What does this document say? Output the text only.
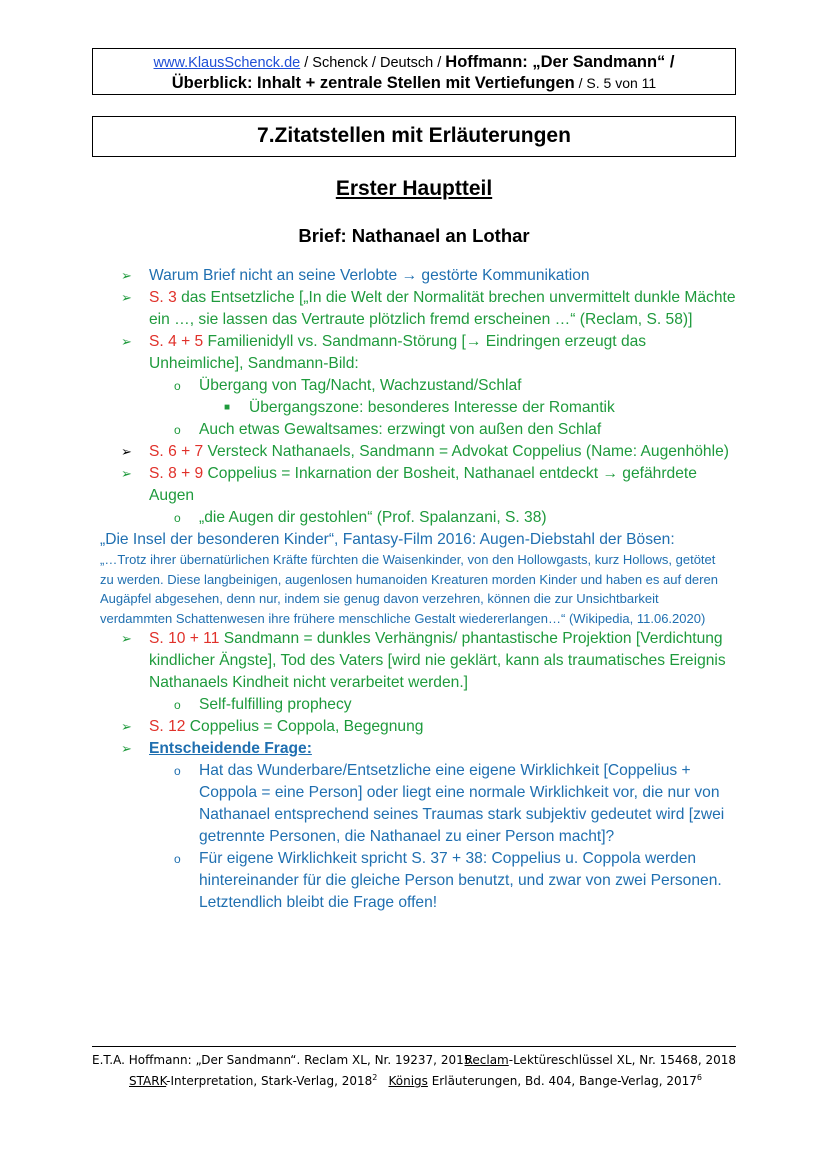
www.KlausSchenck.de / Schenck / Deutsch / Hoffmann: „Der Sandmann“ /
Überblick: Inhalt + zentrale Stellen mit Vertiefungen / S. 5 von 11
7.Zitatstellen mit Erläuterungen
Erster Hauptteil
Brief: Nathanael an Lothar
➢ Warum Brief nicht an seine Verlobte → gestörte Kommunikation
➢ S. 3 das Entsetzliche [„In die Welt der Normalität brechen unvermittelt dunkle Mächte ein …, sie lassen das Vertraute plötzlich fremd erscheinen …“ (Reclam, S. 58)]
➢ S. 4 + 5 Familienidyll vs. Sandmann-Störung [→ Eindringen erzeugt das Unheimliche], Sandmann-Bild:
o Übergang von Tag/Nacht, Wachzustand/Schlaf
■ Übergangszone: besonderes Interesse der Romantik
o Auch etwas Gewaltsames: erzwingt von außen den Schlaf
➢ S. 6 + 7 Versteck Nathanaels, Sandmann = Advokat Coppelius (Name: Augenhöhle)
➢ S. 8 + 9 Coppelius = Inkarnation der Bosheit, Nathanael entdeckt → gefährdete Augen
o „die Augen dir gestohlen“ (Prof. Spalanzani, S. 38)
„Die Insel der besonderen Kinder“, Fantasy-Film 2016: Augen-Diebstahl der Bösen:
„…Trotz ihrer übernatürlichen Kräfte fürchten die Waisenkinder, von den Hollowgasts, kurz Hollows, getötet zu werden. Diese langbeinigen, augenlosen humanoiden Kreaturen morden Kinder und haben es auf deren Augäpfel abgesehen, denn nur, indem sie genug davon verzehren, können die zur Unsichtbarkeit verdammten Schattenwesen ihre frühere menschliche Gestalt wiedererlangen…“ (Wikipedia, 11.06.2020)
➢ S. 10 + 11 Sandmann = dunkles Verhängnis/ phantastische Projektion [Verdichtung kindlicher Ängste], Tod des Vaters [wird nie geklärt, kann als traumatisches Ereignis Nathanaels Kindheit nicht verarbeitet werden.]
o Self-fulfilling prophecy
➢ S. 12 Coppelius = Coppola, Begegnung
➢ Entscheidende Frage:
o Hat das Wunderbare/Entsetzliche eine eigene Wirklichkeit [Coppelius + Coppola = eine Person] oder liegt eine normale Wirklichkeit vor, die nur von Nathanael entsprechend seines Traumas stark subjektiv gedeutet wird [zwei getrennte Personen, die Nathanael zu einer Person macht]?
o Für eigene Wirklichkeit spricht S. 37 + 38: Coppelius u. Coppola werden hintereinander für die gleiche Person benutzt, und zwar von zwei Personen. Letztendlich bleibt die Frage offen!
E.T.A. Hoffmann: „Der Sandmann“. Reclam XL, Nr. 19237, 2015
Reclam-Lektüreschlüssel XL, Nr. 15468, 2018
STARK-Interpretation, Stark-Verlag, 2018$^2$ Königs Erläuterungen, Bd. 404, Bange-Verlag, 2017$^6$
